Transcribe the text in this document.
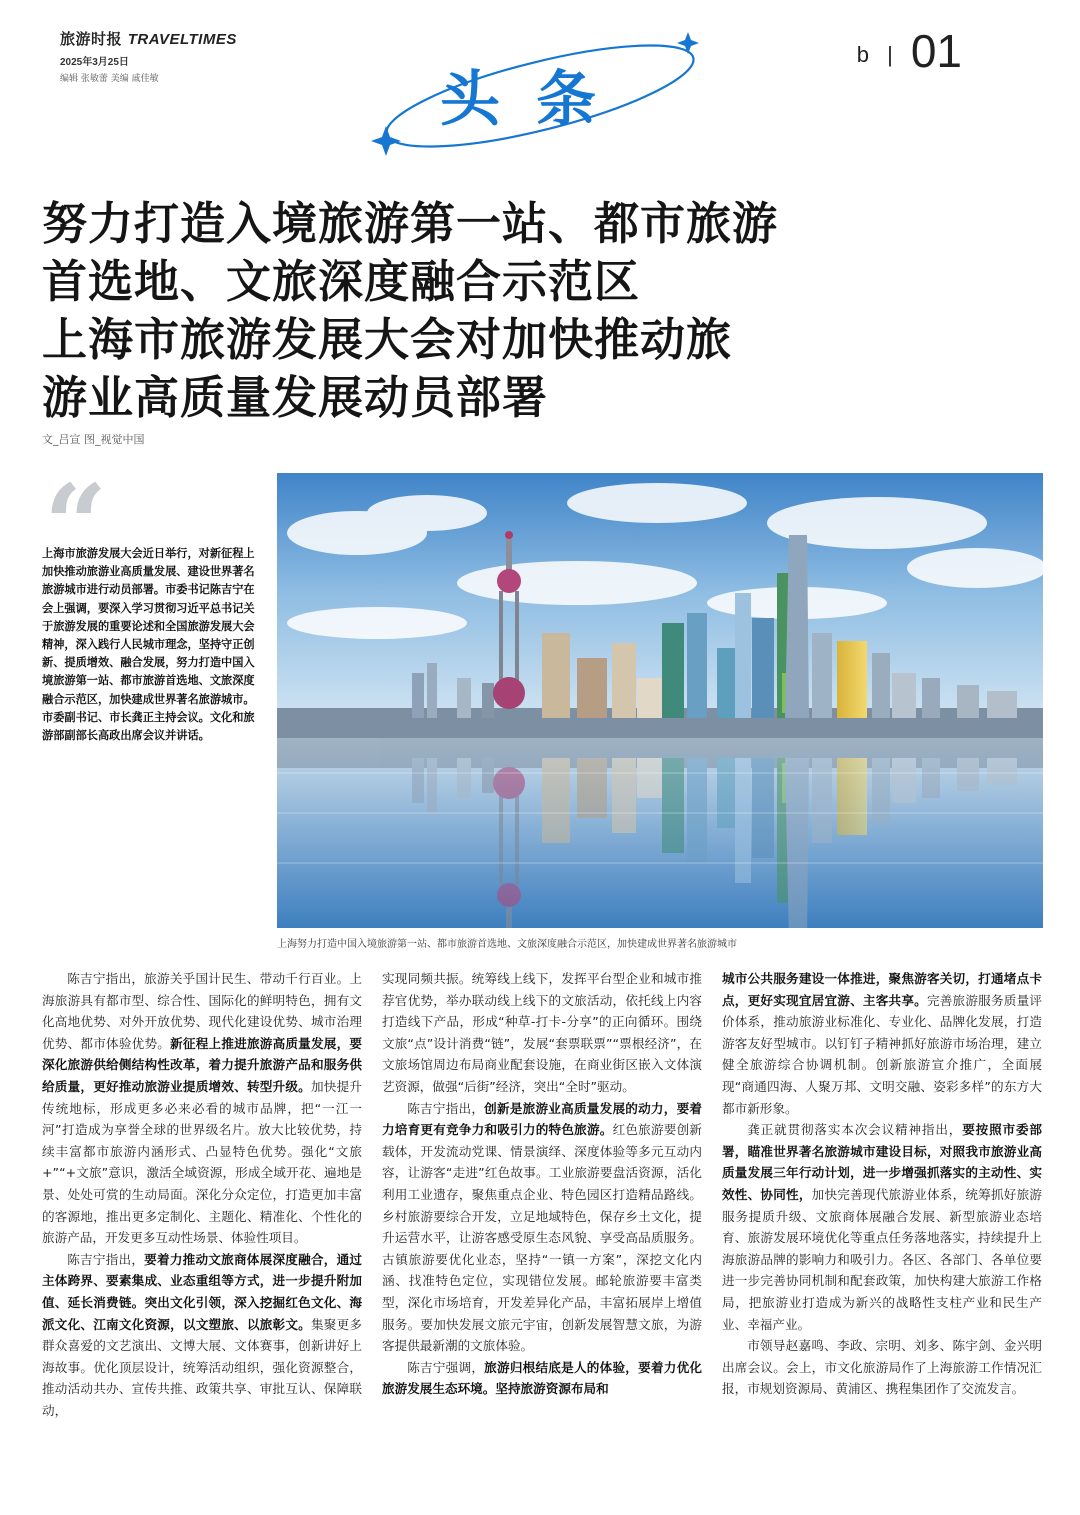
旅游时报 TRAVELTIMES
2025年3月25日
编辑 张敏蕾 美编 戚佳敏
b | 01
头条
努力打造入境旅游第一站、都市旅游
首选地、文旅深度融合示范区
上海市旅游发展大会对加快推动旅
游业高质量发展动员部署
文_吕宣 图_视觉中国
“

上海市旅游发展大会近日举行，对新征程上加快推动旅游业高质量发展、建设世界著名旅游城市进行动员部署。市委书记陈吉宁在会上强调，要深入学习贯彻习近平总书记关于旅游发展的重要论述和全国旅游发展大会精神，深入践行人民城市理念，坚持守正创新、提质增效、融合发展，努力打造中国入境旅游第一站、都市旅游首选地、文旅深度融合示范区，加快建成世界著名旅游城市。

市委副书记、市长龚正主持会议。文化和旅游部副部长高政出席会议并讲话。

上海努力打造中国入境旅游第一站、都市旅游首选地、文旅深度融合示范区，加快建成世界著名旅游城市

陈吉宁指出，旅游关乎国计民生、带动千行百业。上海旅游具有都市型、综合性、国际化的鲜明特色，拥有文化高地优势、对外开放优势、现代化建设优势、城市治理优势、都市体验优势。新征程上推进旅游高质量发展，要深化旅游供给侧结构性改革，着力提升旅游产品和服务供给质量，更好推动旅游业提质增效、转型升级。加快提升传统地标，形成更多必来必看的城市品牌，把“一江一河”打造成为享誉全球的世界级名片。放大比较优势，持续丰富都市旅游内涵形式、凸显特色优势。强化“文旅+”“+文旅”意识，激活全域资源，形成全域开花、遍地是景、处处可赏的生动局面。深化分众定位，打造更加丰富的客源地，推出更多定制化、主题化、精准化、个性化的旅游产品，开发更多互动性场景、体验性项目。

陈吉宁指出，要着力推动文旅商体展深度融合，通过主体跨界、要素集成、业态重组等方式，进一步提升附加值、延长消费链。突出文化引领，深入挖掘红色文化、海派文化、江南文化资源，以文塑旅、以旅彰文。集聚更多群众喜爱的文艺演出、文博大展、文体赛事，创新讲好上海故事。优化顶层设计，统筹活动组织，强化资源整合，推动活动共办、宣传共推、政策共享、审批互认、保障联动，

实现同频共振。统筹线上线下，发挥平台型企业和城市推荐官优势，举办联动线上线下的文旅活动，依托线上内容打造线下产品，形成“种草-打卡-分享”的正向循环。围绕文旅“点”设计消费“链”，发展“套票联票”“票根经济”，在文旅场馆周边布局商业配套设施，在商业街区嵌入文体演艺资源，做强“后街”经济，突出“全时”驱动。

陈吉宁指出，创新是旅游业高质量发展的动力，要着力培育更有竞争力和吸引力的特色旅游。红色旅游要创新载体，开发流动党课、情景演绎、深度体验等多元互动内容，让游客“走进”红色故事。工业旅游要盘活资源，活化利用工业遗存，聚焦重点企业、特色园区打造精品路线。乡村旅游要综合开发，立足地域特色，保存乡土文化，提升运营水平，让游客感受原生态风貌、享受高品质服务。古镇旅游要优化业态，坚持“一镇一方案”，深挖文化内涵、找准特色定位，实现错位发展。邮轮旅游要丰富类型，深化市场培育，开发差异化产品，丰富拓展岸上增值服务。要加快发展文旅元宇宙，创新发展智慧文旅，为游客提供最新潮的文旅体验。

陈吉宁强调，旅游归根结底是人的体验，要着力优化旅游发展生态环境。坚持旅游资源布局和

城市公共服务建设一体推进，聚焦游客关切，打通堵点卡点，更好实现宜居宜游、主客共享。完善旅游服务质量评价体系，推动旅游业标准化、专业化、品牌化发展，打造游客友好型城市。以钉钉子精神抓好旅游市场治理，建立健全旅游综合协调机制。创新旅游宣介推广，全面展现“商通四海、人聚万邦、文明交融、姿彩多样”的东方大都市新形象。

龚正就贯彻落实本次会议精神指出，要按照市委部署，瞄准世界著名旅游城市建设目标，对照我市旅游业高质量发展三年行动计划，进一步增强抓落实的主动性、实效性、协同性，加快完善现代旅游业体系，统筹抓好旅游服务提质升级、文旅商体展融合发展、新型旅游业态培育、旅游发展环境优化等重点任务落地落实，持续提升上海旅游品牌的影响力和吸引力。各区、各部门、各单位要进一步完善协同机制和配套政策，加快构建大旅游工作格局，把旅游业打造成为新兴的战略性支柱产业和民生产业、幸福产业。

市领导赵嘉鸣、李政、宗明、刘多、陈宇剑、金兴明出席会议。会上，市文化旅游局作了上海旅游工作情况汇报，市规划资源局、黄浦区、携程集团作了交流发言。
